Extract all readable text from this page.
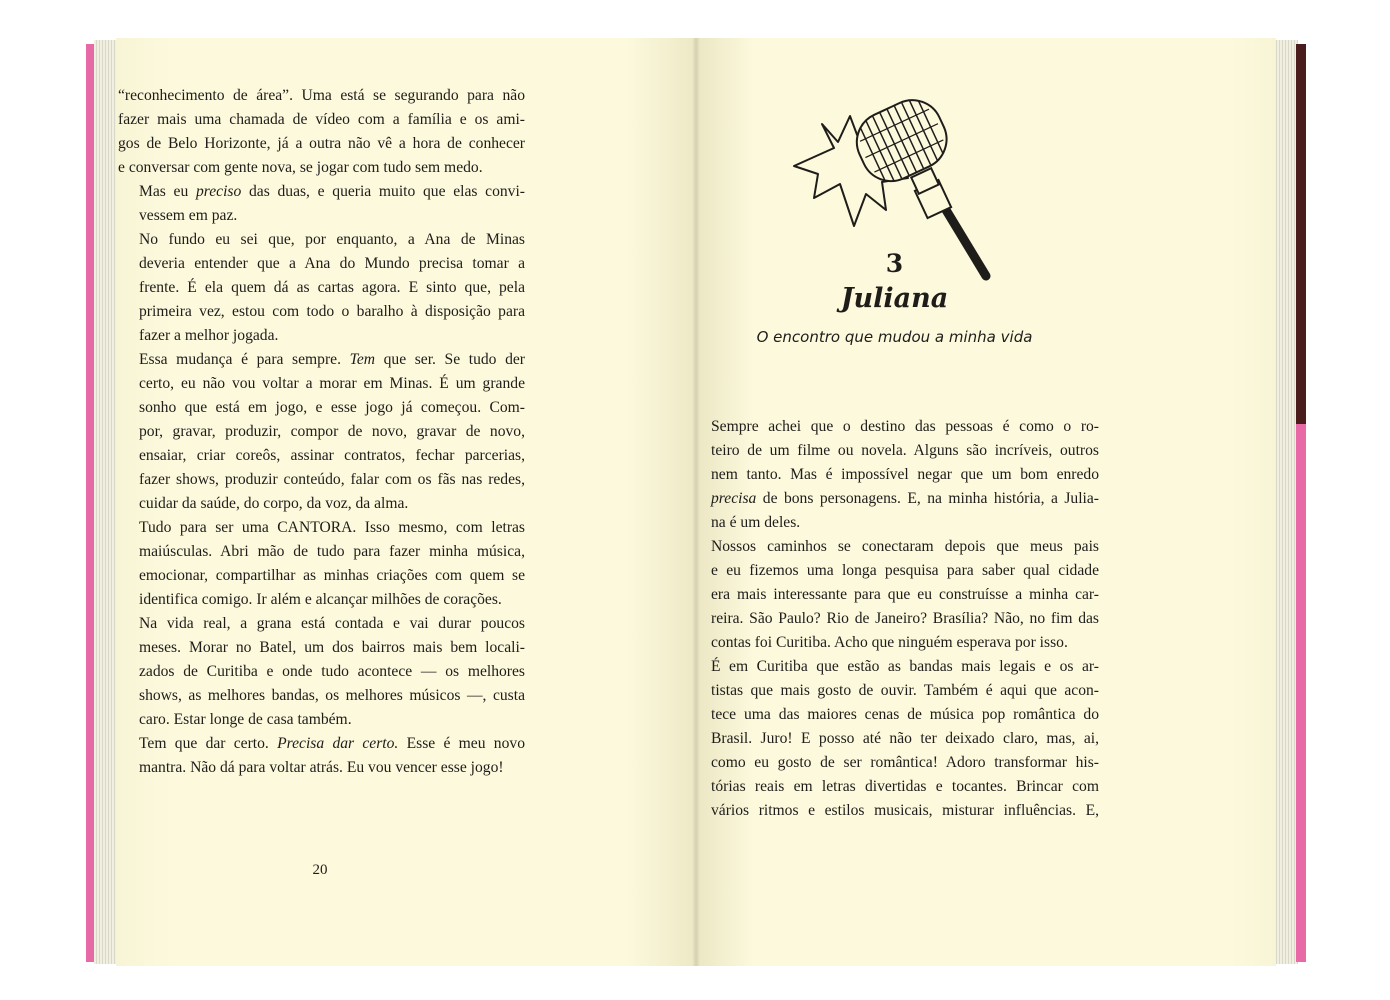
“reconhecimento de área”. Uma está se segurando para não
fazer mais uma chamada de vídeo com a família e os ami-
gos de Belo Horizonte, já a outra não vê a hora de conhecer
e conversar com gente nova, se jogar com tudo sem medo.

Mas eu preciso das duas, e queria muito que elas convi-
vessem em paz.

No fundo eu sei que, por enquanto, a Ana de Minas
deveria entender que a Ana do Mundo precisa tomar a
frente. É ela quem dá as cartas agora. E sinto que, pela
primeira vez, estou com todo o baralho à disposição para
fazer a melhor jogada.

Essa mudança é para sempre. Tem que ser. Se tudo der
certo, eu não vou voltar a morar em Minas. É um grande
sonho que está em jogo, e esse jogo já começou. Com-
por, gravar, produzir, compor de novo, gravar de novo,
ensaiar, criar coreôs, assinar contratos, fechar parcerias,
fazer shows, produzir conteúdo, falar com os fãs nas redes,
cuidar da saúde, do corpo, da voz, da alma.

Tudo para ser uma CANTORA. Isso mesmo, com letras
maiúsculas. Abri mão de tudo para fazer minha música,
emocionar, compartilhar as minhas criações com quem se
identifica comigo. Ir além e alcançar milhões de corações.

Na vida real, a grana está contada e vai durar poucos
meses. Morar no Batel, um dos bairros mais bem locali-
zados de Curitiba e onde tudo acontece — os melhores
shows, as melhores bandas, os melhores músicos —, custa
caro. Estar longe de casa também.

Tem que dar certo. Precisa dar certo. Esse é meu novo
mantra. Não dá para voltar atrás. Eu vou vencer esse jogo!

20
3
Juliana
O encontro que mudou a minha vida

Sempre achei que o destino das pessoas é como o ro-
teiro de um filme ou novela. Alguns são incríveis, outros
nem tanto. Mas é impossível negar que um bom enredo
precisa de bons personagens. E, na minha história, a Julia-
na é um deles.

Nossos caminhos se conectaram depois que meus pais
e eu fizemos uma longa pesquisa para saber qual cidade
era mais interessante para que eu construísse a minha car-
reira. São Paulo? Rio de Janeiro? Brasília? Não, no fim das
contas foi Curitiba. Acho que ninguém esperava por isso.

É em Curitiba que estão as bandas mais legais e os ar-
tistas que mais gosto de ouvir. Também é aqui que acon-
tece uma das maiores cenas de música pop romântica do
Brasil. Juro! E posso até não ter deixado claro, mas, ai,
como eu gosto de ser romântica! Adoro transformar his-
tórias reais em letras divertidas e tocantes. Brincar com
vários ritmos e estilos musicais, misturar influências. E,
